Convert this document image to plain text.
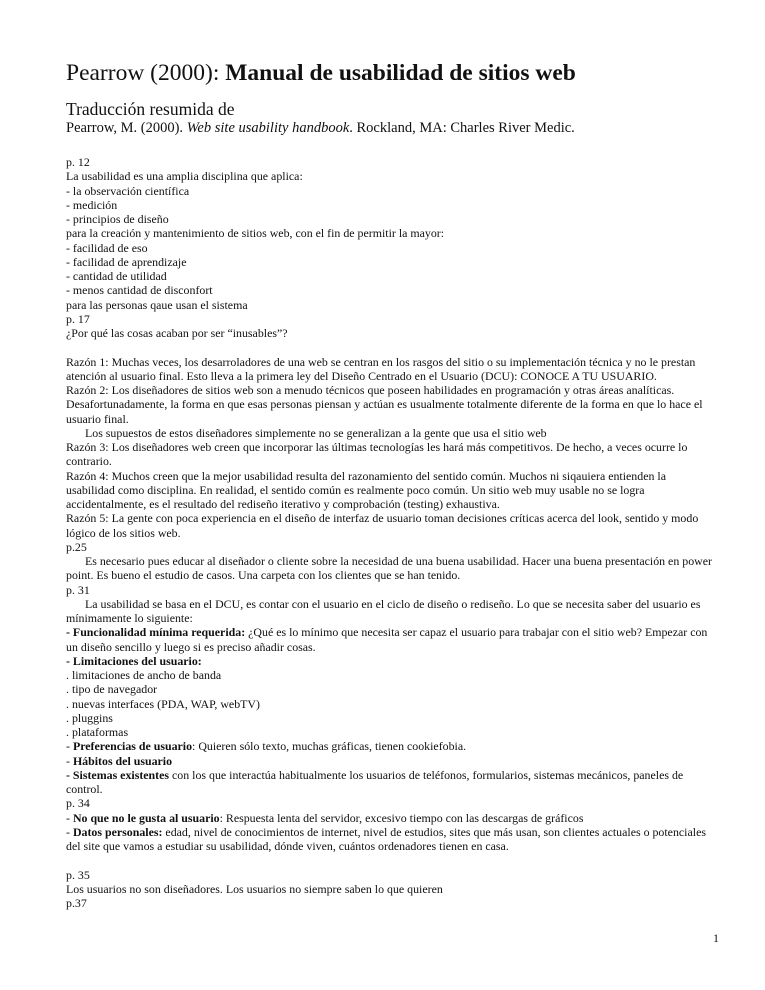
Pearrow (2000): Manual de usabilidad de sitios web
Traducción resumida de
Pearrow, M. (2000). Web site usability handbook. Rockland, MA: Charles River Medic.

p. 12

La usabilidad es una amplia disciplina que aplica:

- la observación científica

- medición

- principios de diseño

para la creación y mantenimiento de sitios web, con el fin de permitir la mayor:

- facilidad de eso

- facilidad de aprendizaje

- cantidad de utilidad

- menos cantidad de disconfort

para las personas qaue usan el sistema

p. 17

¿Por qué las cosas acaban por ser “inusables”?

Razón 1: Muchas veces, los desarroladores de una web se centran en los rasgos del sitio o su implementación técnica y no le prestan atención al usuario final. Esto lleva a la primera ley del Diseño Centrado en el Usuario (DCU): CONOCE A TU USUARIO.

Razón 2: Los diseñadores de sitios web son a menudo técnicos que poseen habilidades en programación y otras áreas analíticas. Desafortunadamente, la forma en que esas personas piensan y actúan es usualmente totalmente diferente de la forma en que lo hace el usuario final.

Los supuestos de estos diseñadores simplemente no se generalizan a la gente que usa el sitio web

Razón 3: Los diseñadores web creen que incorporar las últimas tecnologías les hará más competitivos. De hecho, a veces ocurre lo contrario.

Razón 4: Muchos creen que la mejor usabilidad resulta del razonamiento del sentido común. Muchos ni siqauiera entienden la usabilidad como disciplina. En realidad, el sentido común es realmente poco común. Un sitio web muy usable no se logra accidentalmente, es el resultado del rediseño iterativo y comprobación (testing) exhaustiva.

Razón 5: La gente con poca experiencia en el diseño de interfaz de usuario toman decisiones críticas acerca del look, sentido y modo lógico de los sitios web.

p.25

Es necesario pues educar al diseñador o cliente sobre la necesidad de una buena usabilidad. Hacer una buena presentación en power point. Es bueno el estudio de casos. Una carpeta con los clientes que se han tenido.

p. 31

La usabilidad se basa en el DCU, es contar con el usuario en el ciclo de diseño o rediseño. Lo que se necesita saber del usuario es mínimamente lo siguiente:

- Funcionalidad mínima requerida: ¿Qué es lo mínimo que necesita ser capaz el usuario para trabajar con el sitio web? Empezar con un diseño sencillo y luego si es preciso añadir cosas.

- Limitaciones del usuario:

. limitaciones de ancho de banda

. tipo de navegador

. nuevas interfaces (PDA, WAP, webTV)

. pluggins

. plataformas

- Preferencias de usuario: Quieren sólo texto, muchas gráficas, tienen cookiefobia.

- Hábitos del usuario

- Sistemas existentes con los que interactúa habitualmente los usuarios de teléfonos, formularios, sistemas mecánicos, paneles de control.

p. 34

- No que no le gusta al usuario: Respuesta lenta del servidor, excesivo tiempo con las descargas de gráficos

- Datos personales: edad, nivel de conocimientos de internet, nivel de estudios, sites que más usan, son clientes actuales o potenciales del site que vamos a estudiar su usabilidad, dónde viven, cuántos ordenadores tienen en casa.

p. 35

Los usuarios no son diseñadores. Los usuarios no siempre saben lo que quieren

p.37

1
